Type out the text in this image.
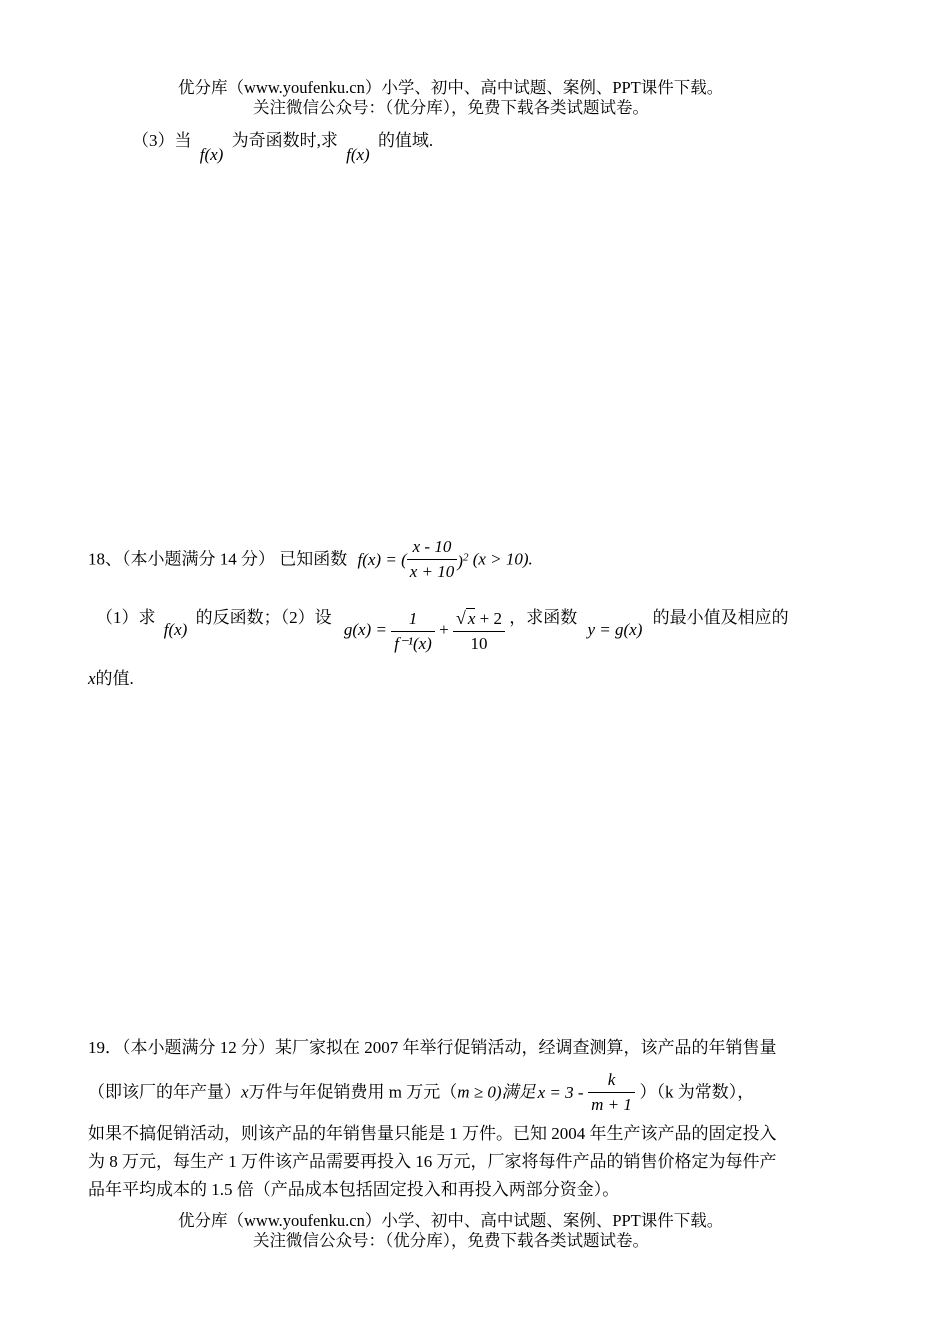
优分库（www.youfenku.cn）小学、初中、高中试题、案例、PPT课件下载。
关注微信公众号：（优分库），免费下载各类试题试卷。
（3）当 f(x) 为奇函数时,求 f(x) 的值域.
18、（本小题满分 14 分） 已知函数 f(x) = ( $\frac{x - 10}{x + 10} )^2$ (x > 10).
（1）求 f(x) 的反函数；（2）设 $g(x) = \frac{1}{\text{f⁻¹(x)}} + \frac{√ x + 2}{10}$ ，求函数 y = g(x) 的最小值及相应的
x的值.
19．（本小题满分 12 分）某厂家拟在 2007 年举行促销活动，经调查测算，该产品的年销售量
（即该厂的年产量）x万件与年促销费用 m 万元（m ≥ 0)满足 $x = 3 - \frac{k}{m + 1} )(k$ 为常数），
如果不搞促销活动，则该产品的年销售量只能是 1 万件。已知 2004 年生产该产品的固定投入
为 8 万元，每生产 1 万件该产品需要再投入 16 万元，厂家将每件产品的销售价格定为每件产
品年平均成本的 1.5 倍（产品成本包括固定投入和再投入两部分资金）。
优分库（www.youfenku.cn）小学、初中、高中试题、案例、PPT课件下载。
关注微信公众号：（优分库），免费下载各类试题试卷。
